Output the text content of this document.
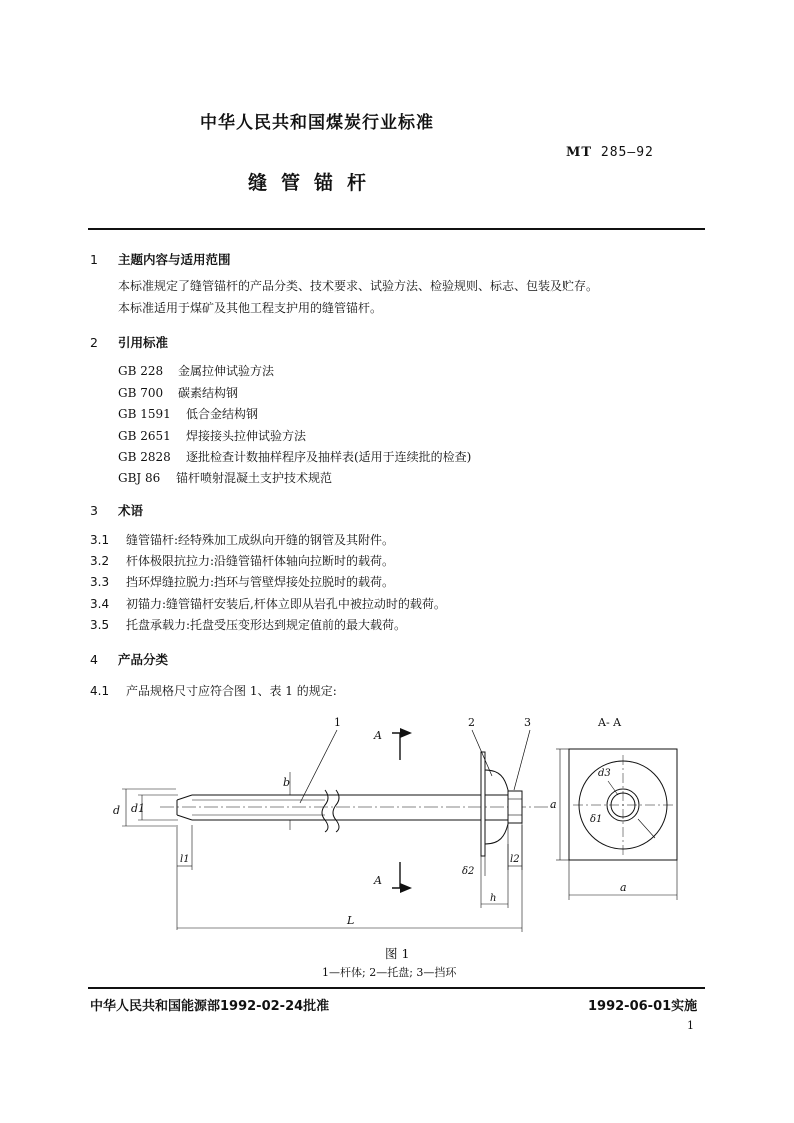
中华人民共和国煤炭行业标准
MT 285—92
缝管锚杆
1 主题内容与适用范围
本标准规定了缝管锚杆的产品分类、技术要求、试验方法、检验规则、标志、包装及贮存。
本标准适用于煤矿及其他工程支护用的缝管锚杆。
2 引用标准
GB 228 金属拉伸试验方法
GB 700 碳素结构钢
GB 1591 低合金结构钢
GB 2651 焊接接头拉伸试验方法
GB 2828 逐批检查计数抽样程序及抽样表(适用于连续批的检查)
GBJ 86 锚杆喷射混凝土支护技术规范
3 术语
3.1 缝管锚杆:经特殊加工成纵向开缝的钢管及其附件。
3.2 杆体极限抗拉力:沿缝管锚杆体轴向拉断时的载荷。
3.3 挡环焊缝拉脱力:挡环与管壁焊接处拉脱时的载荷。
3.4 初锚力:缝管锚杆安装后,杆体立即从岩孔中被拉动时的载荷。
3.5 托盘承载力:托盘受压变形达到规定值前的最大载荷。
4 产品分类
4.1 产品规格尺寸应符合图 1、表 1 的规定:
1	2	3	A- A
A
A
b
d1
d
l1	l2
δ2
h
L
a
a
d3
δ1
图 1
1—杆体; 2—托盘; 3—挡环
中华人民共和国能源部1992-02-24批准	1992-06-01实施
1
